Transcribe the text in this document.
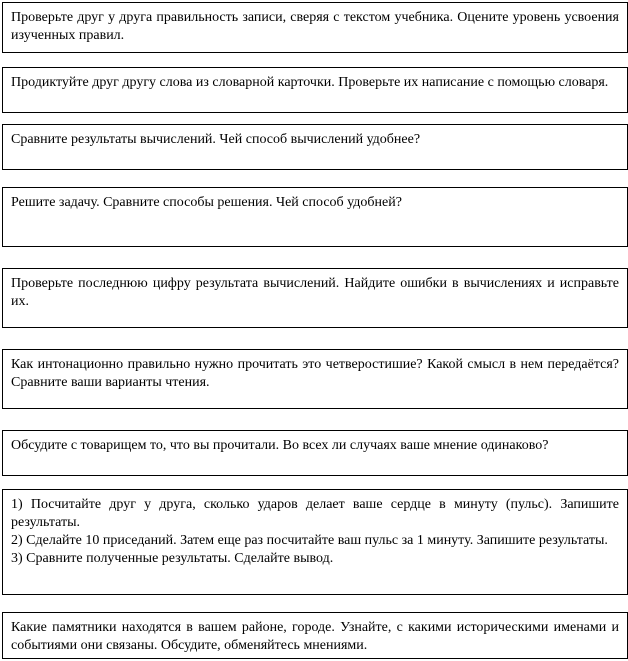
Проверьте друг у друга правильность записи, сверяя с текстом учебника. Оцените уровень усвоения изученных правил.

Продиктуйте друг другу слова из словарной карточки. Проверьте их написание с помощью словаря.

Сравните результаты вычислений. Чей способ вычислений удобнее?

Решите задачу. Сравните способы решения. Чей способ удобней?

Проверьте последнюю цифру результата вычислений. Найдите ошибки в вычислениях и исправьте их.

Как интонационно правильно нужно прочитать это четверостишие? Какой смысл в нем передаётся? Сравните ваши варианты чтения.

Обсудите с товарищем то, что вы прочитали. Во всех ли случаях ваше мнение одинаково?

1) Посчитайте друг у друга, сколько ударов делает ваше сердце в минуту (пульс). Запишите результаты.

2) Сделайте 10 приседаний. Затем еще раз посчитайте ваш пульс за 1 минуту. Запишите результаты.

3) Сравните полученные результаты. Сделайте вывод.

Какие памятники находятся в вашем районе, городе. Узнайте, с какими историческими именами и событиями они связаны. Обсудите, обменяйтесь мнениями.
